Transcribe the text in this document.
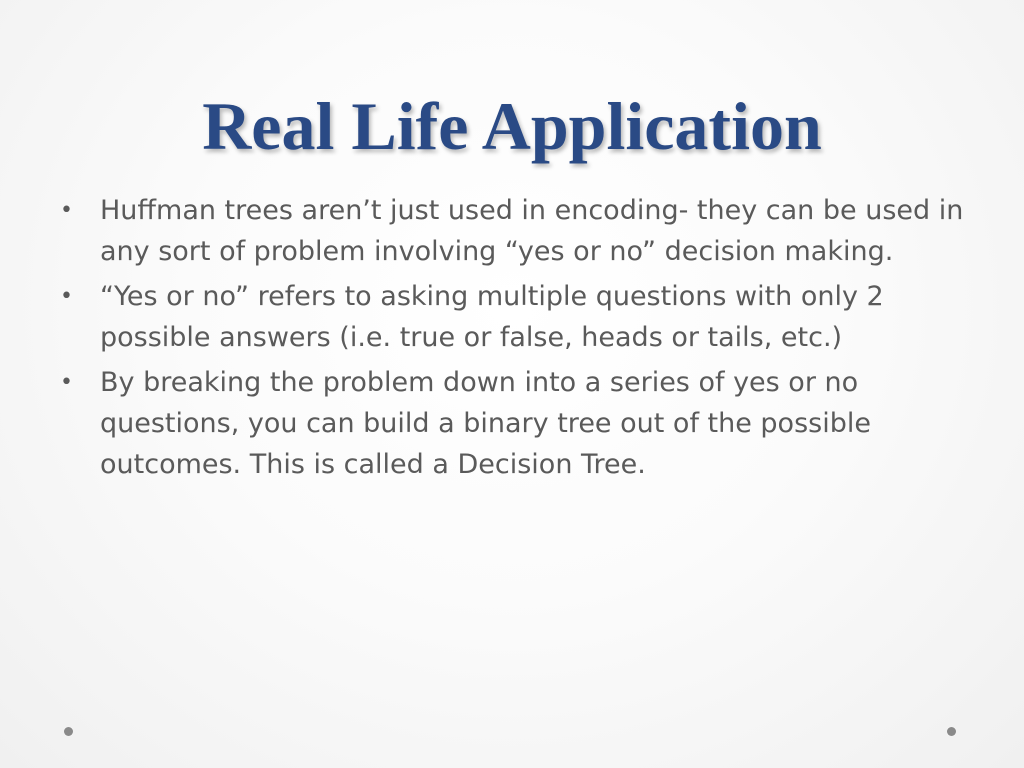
Real Life Application
• Huffman trees aren’t just used in encoding- they can be used in any sort of problem involving “yes or no” decision making.
• “Yes or no” refers to asking multiple questions with only 2 possible answers (i.e. true or false, heads or tails, etc.)
• By breaking the problem down into a series of yes or no questions, you can build a binary tree out of the possible outcomes. This is called a Decision Tree.
